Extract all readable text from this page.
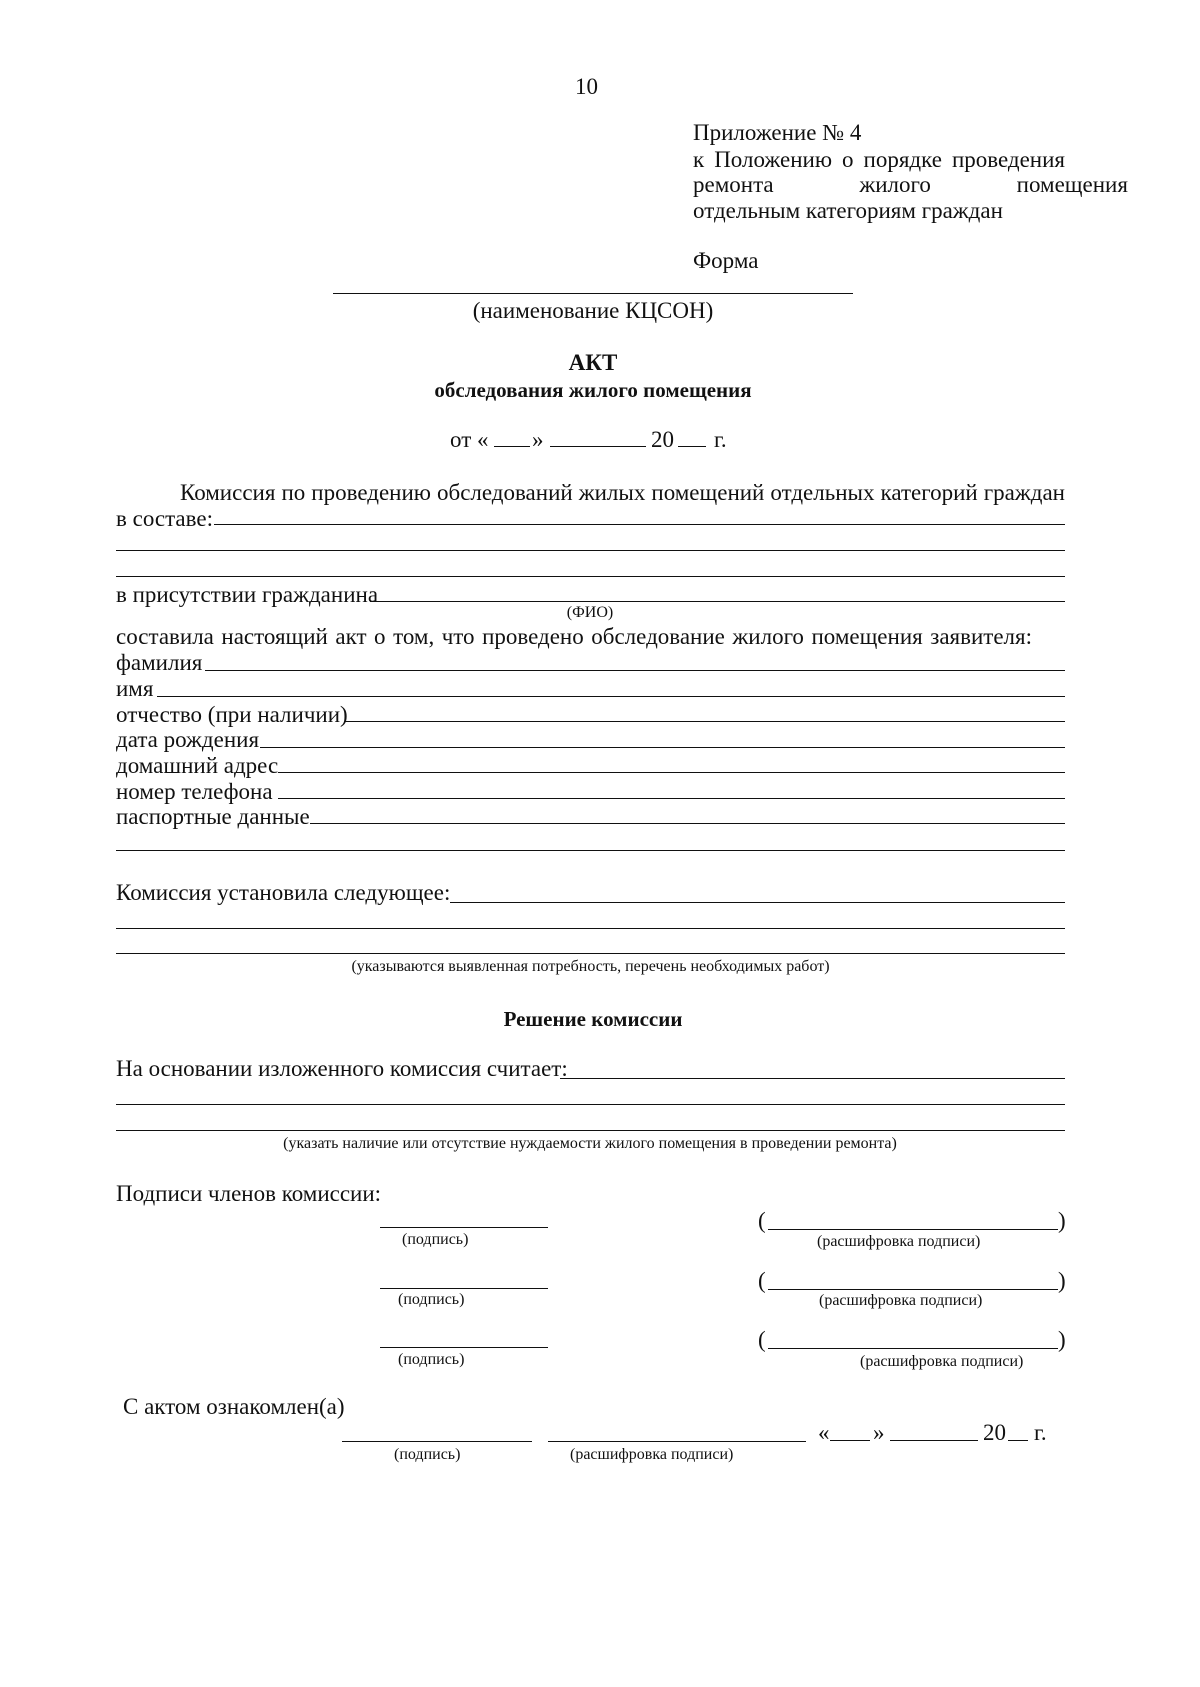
10
Приложение № 4
к Положению о порядке проведения
ремонта жилого помещения
отдельным категориям граждан
Форма
(наименование КЦСОН)
АКТ
обследования жилого помещения
от « »	20 г.
Комиссия по проведению обследований жилых помещений отдельных категорий граждан
в составе:
в присутствии гражданина
(ФИО)
составила настоящий акт о том, что проведено обследование жилого помещения заявителя:
фамилия
имя
отчество (при наличии)
дата рождения
домашний адрес
номер телефона
паспортные данные
Комиссия установила следующее:
(указываются выявленная потребность, перечень необходимых работ)
Решение комиссии
На основании изложенного комиссия считает:
(указать наличие или отсутствие нуждаемости жилого помещения в проведении ремонта)
Подписи членов комиссии:
(подпись)
(	)
(расшифровка подписи)
(подпись)
(	)
(расшифровка подписи)
(подпись)
(	)
(расшифровка подписи)
С актом ознакомлен(а)
(подпись)	(расшифровка подписи)
« »	20 г.
